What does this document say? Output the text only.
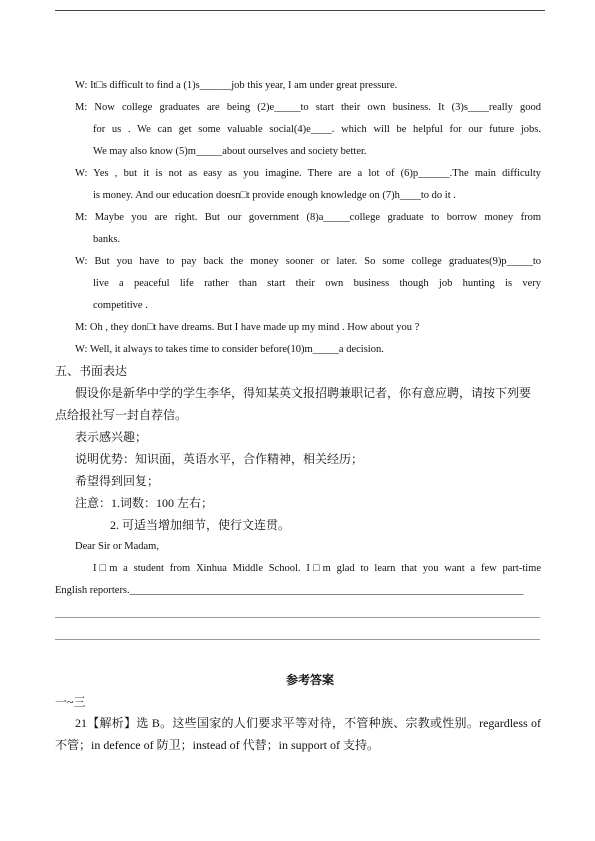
W: It□s difficult to find a (1)s______job this year, I am under great pressure.
M: Now college graduates are being (2)e_____to start their own business. It (3)s____really good
for us . We can get some valuable social(4)e____. which will be helpful for our future jobs.
We may also know (5)m_____about ourselves and society better.
W: Yes , but it is not as easy as you imagine. There are a lot of (6)p______.The main difficulty
is money. And our education doesn□t provide enough knowledge on (7)h____to do it .
M: Maybe you are right. But our government (8)a_____college graduate to borrow money from
banks.
W: But you have to pay back the money sooner or later. So some college graduates(9)p_____to
live a peaceful life rather than start their own business though job hunting is very
competitive .
M: Oh , they don□t have dreams. But I have made up my mind . How about you ?
W: Well, it always to takes time to consider before(10)m_____a decision.
五、书面表达
假设你是新华中学的学生李华，得知某英文报招聘兼职记者，你有意应聘，请按下列要
点给报社写一封自荐信。
表示感兴趣；
说明优势：知识面，英语水平，合作精神，相关经历；
希望得到回复；
注意：1.词数：100 左右；
2. 可适当增加细节，使行文连贯。
Dear Sir or Madam,
I□m a student from Xinhua Middle School. I□m glad to learn that you want a few part-time
English reporters.___________________________________________________________________________
参考答案
一~三
21【解析】选 B。这些国家的人们要求平等对待，不管种族、宗教或性别。regardless of
不管；in defence of 防卫；instead of 代替；in support of 支持。
